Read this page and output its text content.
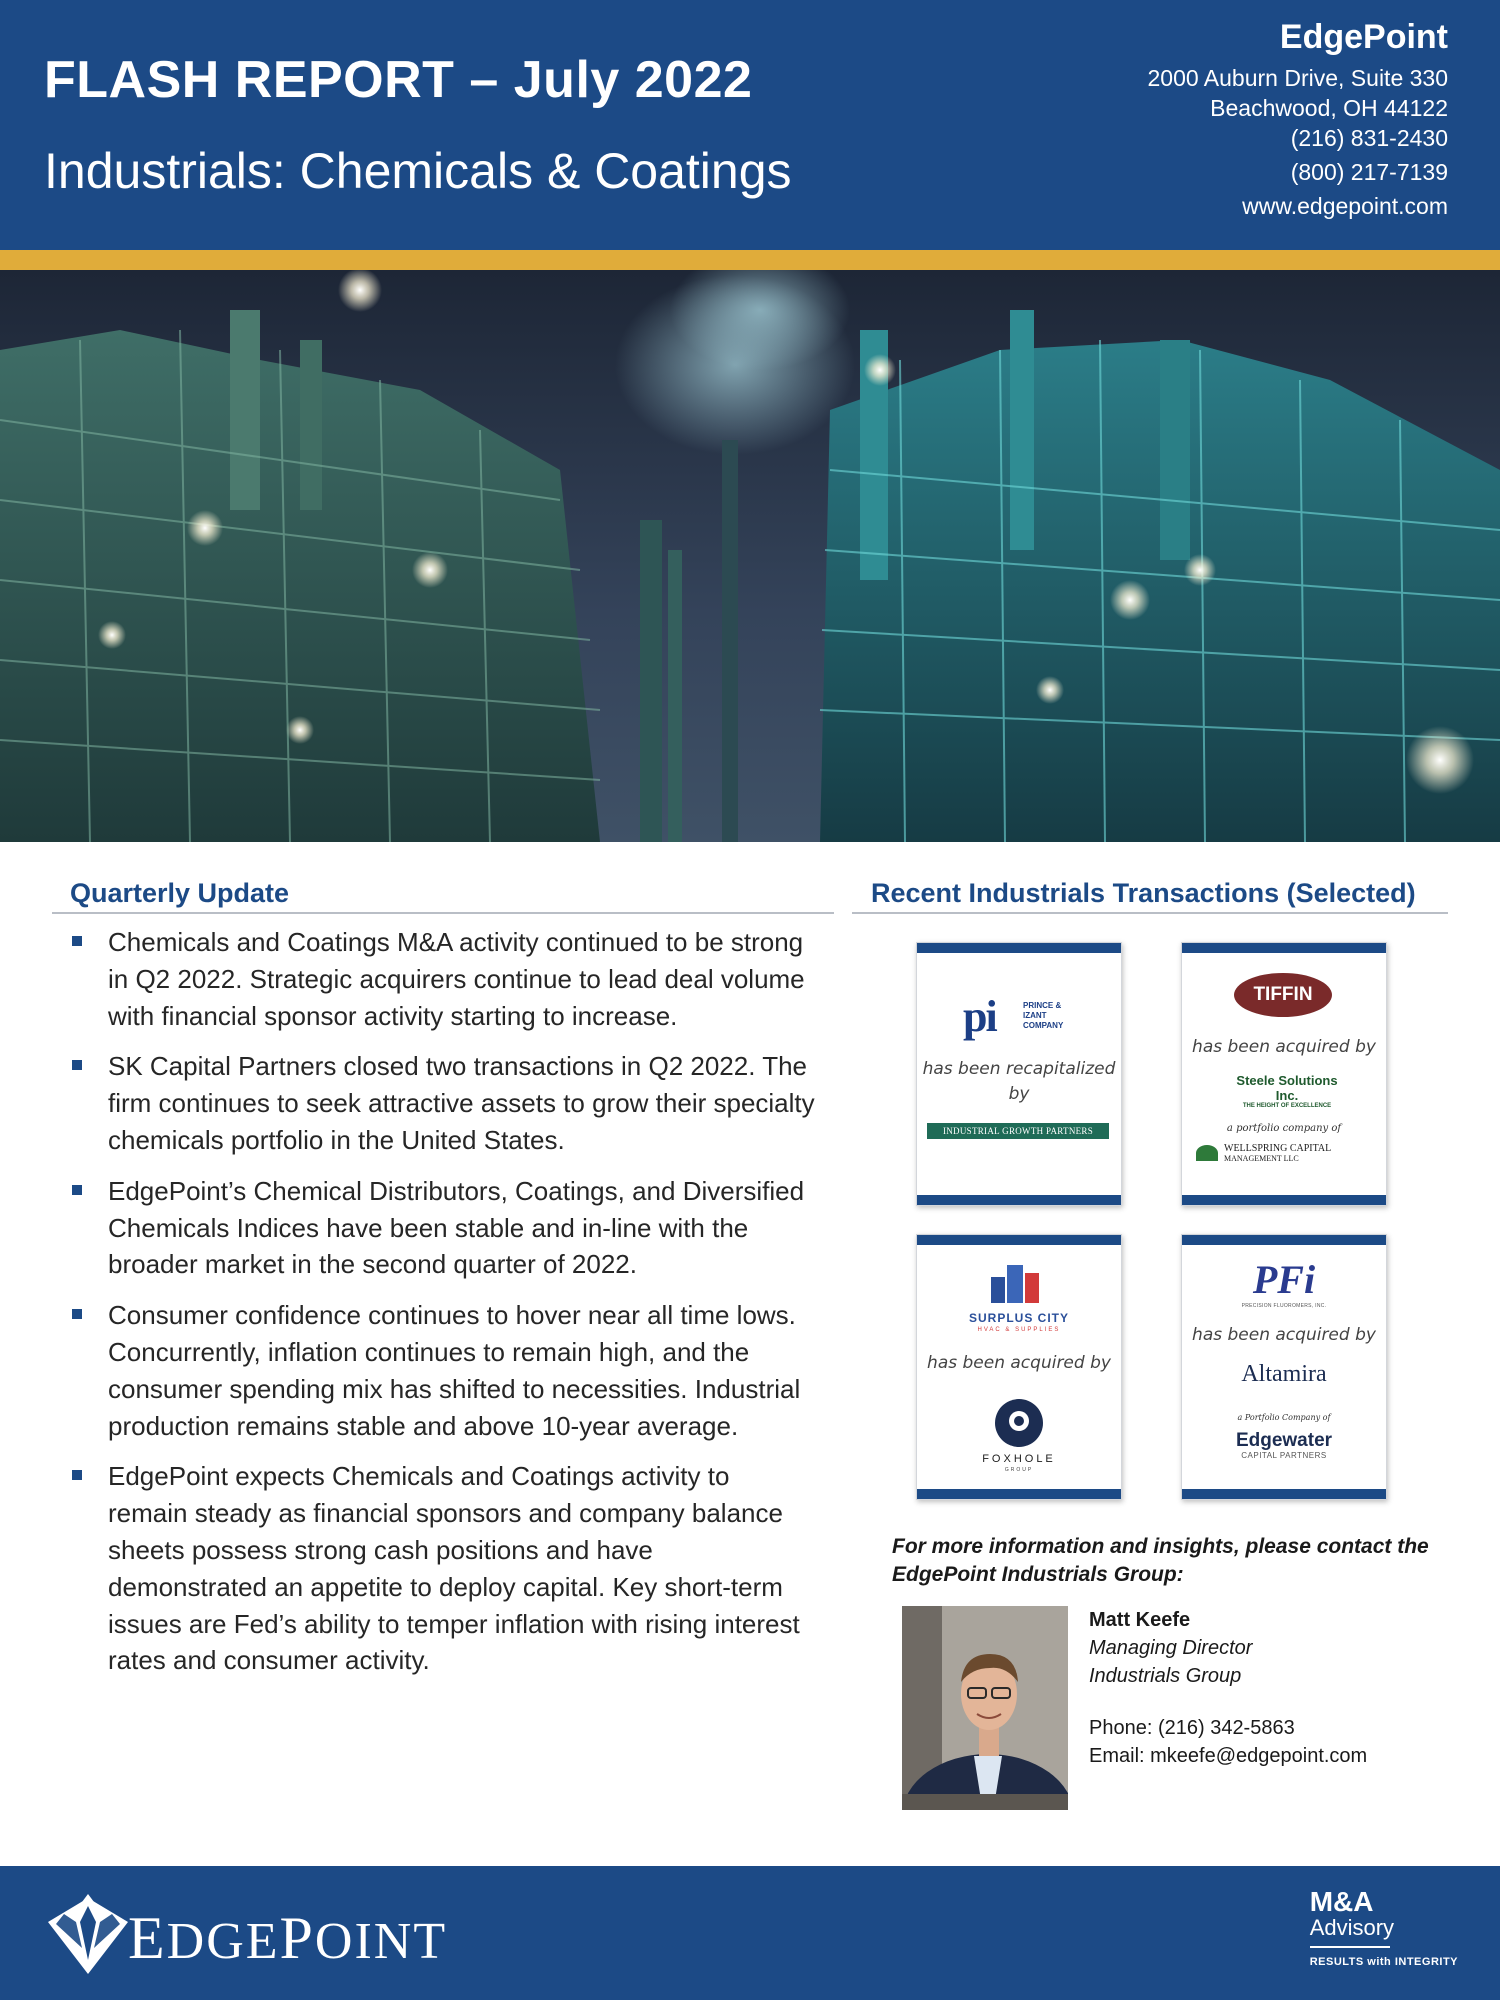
FLASH REPORT – July 2022
Industrials: Chemicals & Coatings
EdgePoint
2000 Auburn Drive, Suite 330
Beachwood, OH 44122
(216) 831-2430
(800) 217-7139
www.edgepoint.com
Quarterly Update
Chemicals and Coatings M&A activity continued to be strong in Q2 2022. Strategic acquirers continue to lead deal volume with financial sponsor activity starting to increase.
SK Capital Partners closed two transactions in Q2 2022. The firm continues to seek attractive assets to grow their specialty chemicals portfolio in the United States.
EdgePoint’s Chemical Distributors, Coatings, and Diversified Chemicals Indices have been stable and in-line with the broader market in the second quarter of 2022.
Consumer confidence continues to hover near all time lows. Concurrently, inflation continues to remain high, and the consumer spending mix has shifted to necessities. Industrial production remains stable and above 10-year average.
EdgePoint expects Chemicals and Coatings activity to remain steady as financial sponsors and company balance sheets possess strong cash positions and have demonstrated an appetite to deploy capital. Key short-term issues are Fed’s ability to temper inflation with rising interest rates and consumer activity.
Recent Industrials Transactions (Selected)
pi	PRINCE & IZANT COMPANY
has been recapitalized by
INDUSTRIAL GROWTH PARTNERS
TIFFIN
has been acquired by
Steele Solutions Inc.
THE HEIGHT OF EXCELLENCE
a portfolio company of
WELLSPRING CAPITAL
MANAGEMENT LLC
SURPLUS CITY
HVAC & SUPPLIES
has been acquired by
FOXHOLE
GROUP
PFi
PRECISION FLUOROMERS, INC.
has been acquired by
Altamira
a Portfolio Company of
Edgewater
CAPITAL PARTNERS
For more information and insights, please contact the EdgePoint Industrials Group:
Matt Keefe
Managing Director
Industrials Group
Phone: (216) 342-5863
Email: mkeefe@edgepoint.com
EDGEPOINT
M&A
Advisory
RESULTS with INTEGRITY
